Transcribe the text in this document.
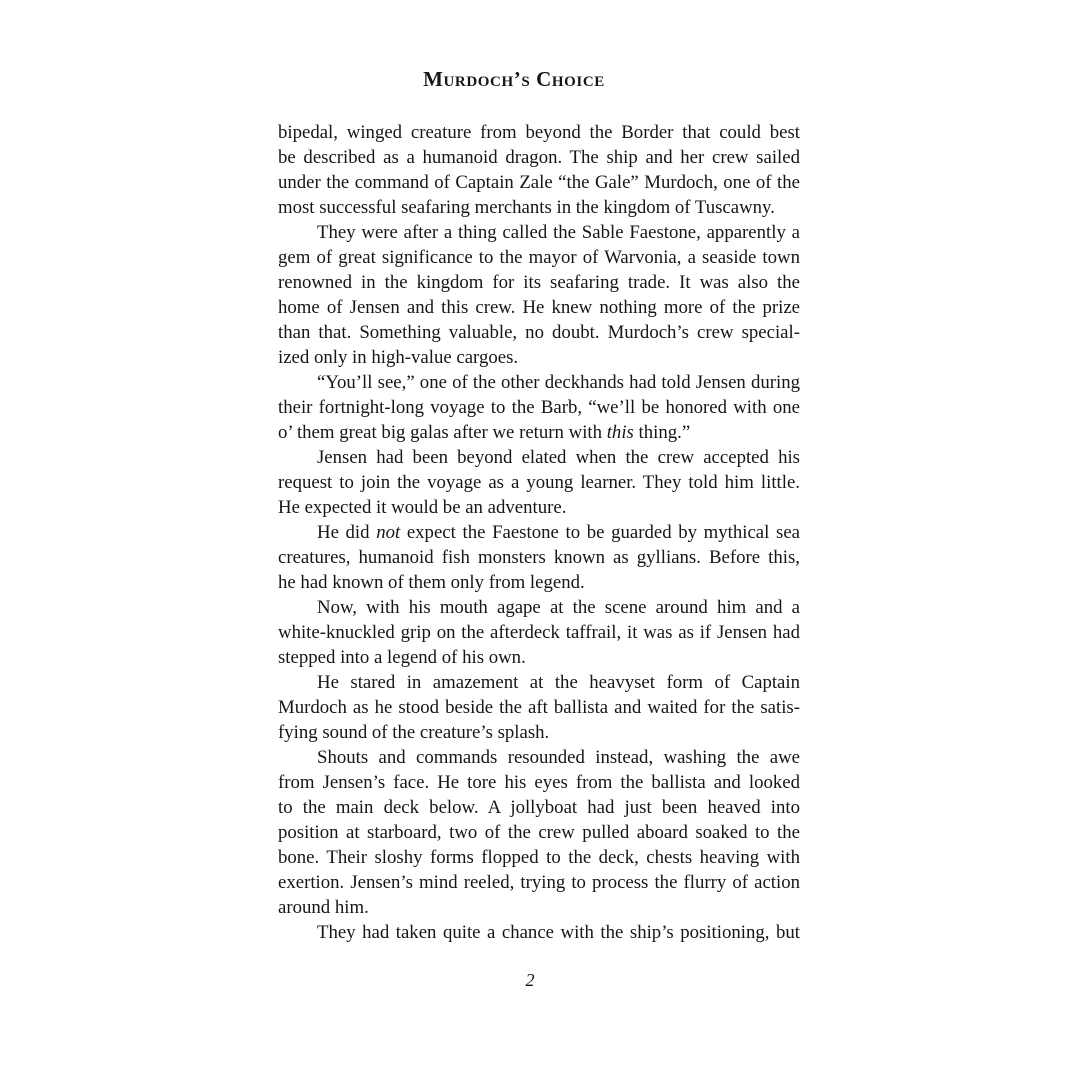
Murdoch’s Choice

bipedal, winged creature from beyond the Border that could best
be described as a humanoid dragon. The ship and her crew sailed
under the command of Captain Zale “the Gale” Murdoch, one of the
most successful seafaring merchants in the kingdom of Tuscawny.

They were after a thing called the Sable Faestone, apparently a
gem of great significance to the mayor of Warvonia, a seaside town
renowned in the kingdom for its seafaring trade. It was also the
home of Jensen and this crew. He knew nothing more of the prize
than that. Something valuable, no doubt. Murdoch’s crew special-
ized only in high-value cargoes.

“You’ll see,” one of the other deckhands had told Jensen during
their fortnight-long voyage to the Barb, “we’ll be honored with one
o’ them great big galas after we return with this thing.”

Jensen had been beyond elated when the crew accepted his
request to join the voyage as a young learner. They told him little.
He expected it would be an adventure.

He did not expect the Faestone to be guarded by mythical sea
creatures, humanoid fish monsters known as gyllians. Before this,
he had known of them only from legend.

Now, with his mouth agape at the scene around him and a
white-knuckled grip on the afterdeck taffrail, it was as if Jensen had
stepped into a legend of his own.

He stared in amazement at the heavyset form of Captain
Murdoch as he stood beside the aft ballista and waited for the satis-
fying sound of the creature’s splash.

Shouts and commands resounded instead, washing the awe
from Jensen’s face. He tore his eyes from the ballista and looked
to the main deck below. A jollyboat had just been heaved into
position at starboard, two of the crew pulled aboard soaked to the
bone. Their sloshy forms flopped to the deck, chests heaving with
exertion. Jensen’s mind reeled, trying to process the flurry of action
around him.

They had taken quite a chance with the ship’s positioning, but

2
